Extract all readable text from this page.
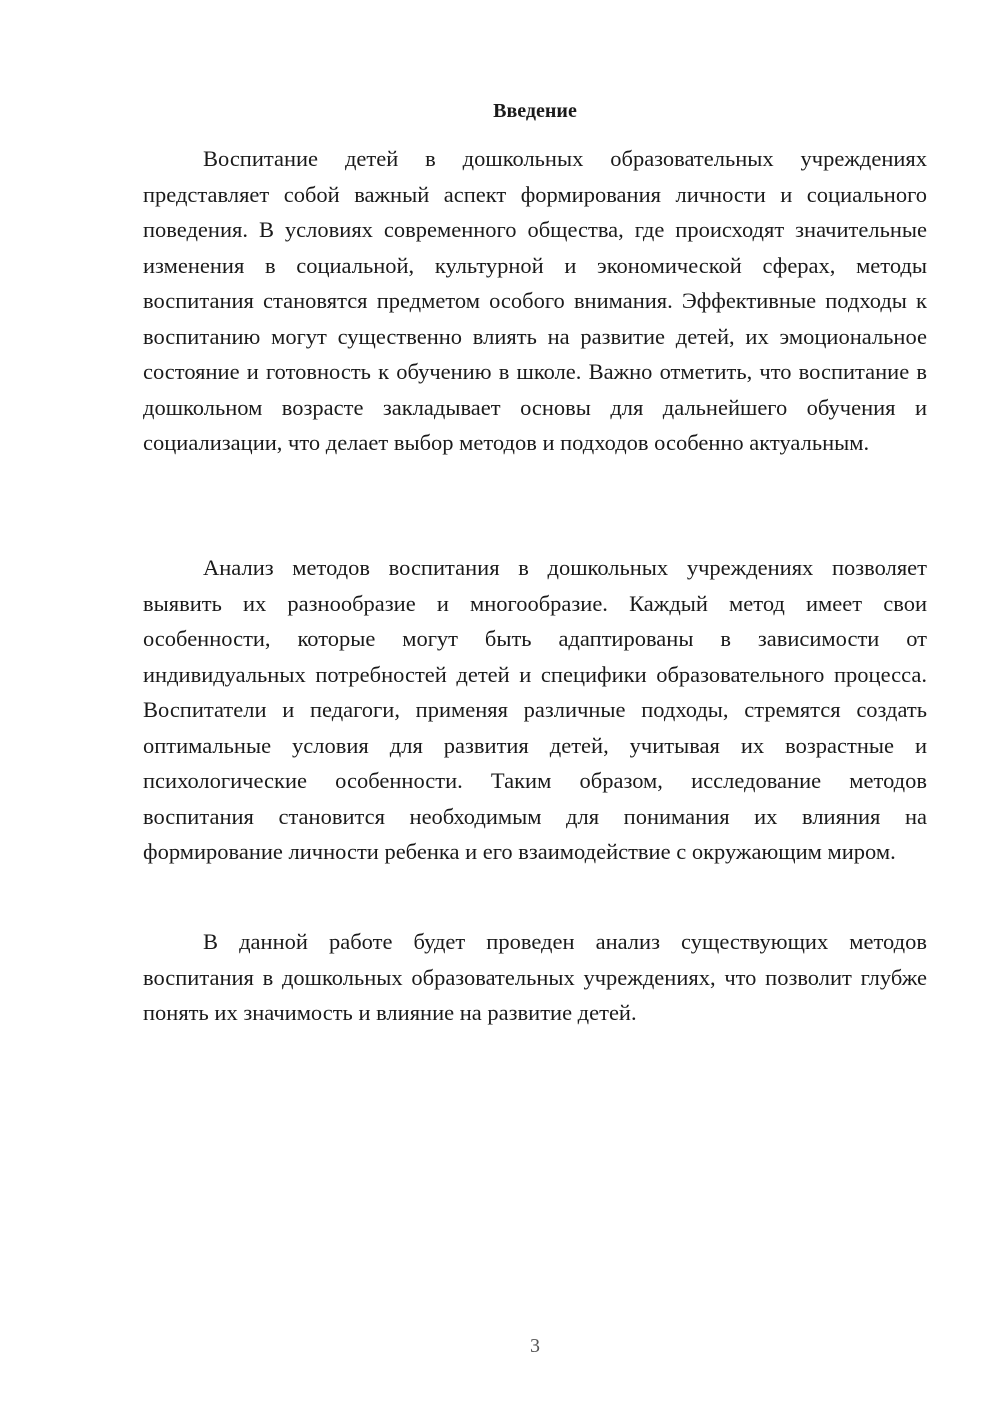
Введение

Воспитание детей в дошкольных образовательных учреждениях представляет собой важный аспект формирования личности и социального поведения. В условиях современного общества, где происходят значительные изменения в социальной, культурной и экономической сферах, методы воспитания становятся предметом особого внимания. Эффективные подходы к воспитанию могут существенно влиять на развитие детей, их эмоциональное состояние и готовность к обучению в школе. Важно отметить, что воспитание в дошкольном возрасте закладывает основы для дальнейшего обучения и социализации, что делает выбор методов и подходов особенно актуальным.

Анализ методов воспитания в дошкольных учреждениях позволяет выявить их разнообразие и многообразие. Каждый метод имеет свои особенности, которые могут быть адаптированы в зависимости от индивидуальных потребностей детей и специфики образовательного процесса. Воспитатели и педагоги, применяя различные подходы, стремятся создать оптимальные условия для развития детей, учитывая их возрастные и психологические особенности. Таким образом, исследование методов воспитания становится необходимым для понимания их влияния на формирование личности ребенка и его взаимодействие с окружающим миром.

В данной работе будет проведен анализ существующих методов воспитания в дошкольных образовательных учреждениях, что позволит глубже понять их значимость и влияние на развитие детей.

3
